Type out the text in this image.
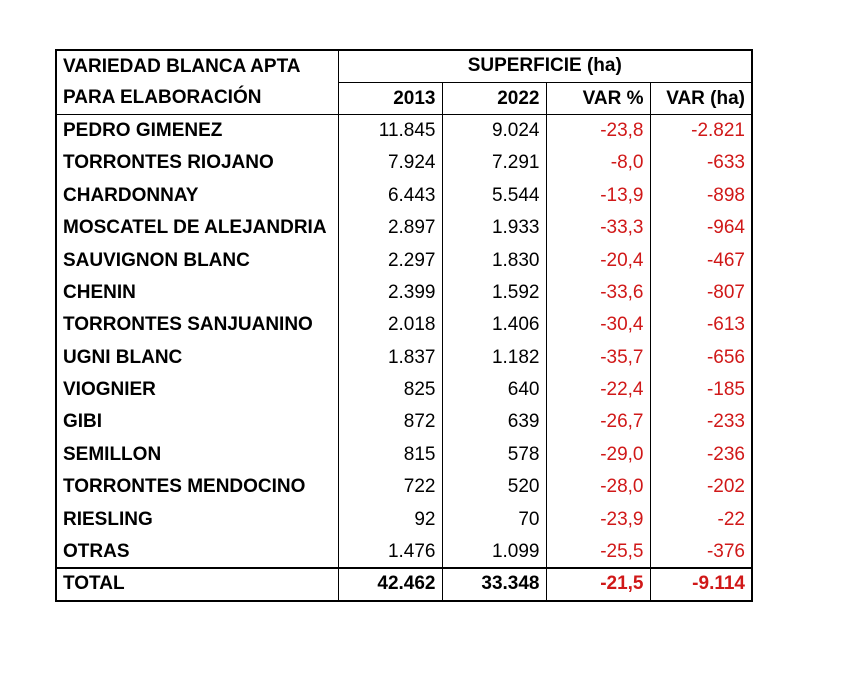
VARIEDAD BLANCA APTA	SUPERFICIE (ha)			
PARA ELABORACIÓN	2013	2022	VAR %	VAR (ha)
PEDRO GIMENEZ	11.845	9.024	-23,8	-2.821
TORRONTES RIOJANO	7.924	7.291	-8,0	-633
CHARDONNAY	6.443	5.544	-13,9	-898
MOSCATEL DE ALEJANDRIA	2.897	1.933	-33,3	-964
SAUVIGNON BLANC	2.297	1.830	-20,4	-467
CHENIN	2.399	1.592	-33,6	-807
TORRONTES SANJUANINO	2.018	1.406	-30,4	-613
UGNI BLANC	1.837	1.182	-35,7	-656
VIOGNIER	825	640	-22,4	-185
GIBI	872	639	-26,7	-233
SEMILLON	815	578	-29,0	-236
TORRONTES MENDOCINO	722	520	-28,0	-202
RIESLING	92	70	-23,9	-22
OTRAS	1.476	1.099	-25,5	-376
TOTAL	42.462	33.348	-21,5	-9.114
